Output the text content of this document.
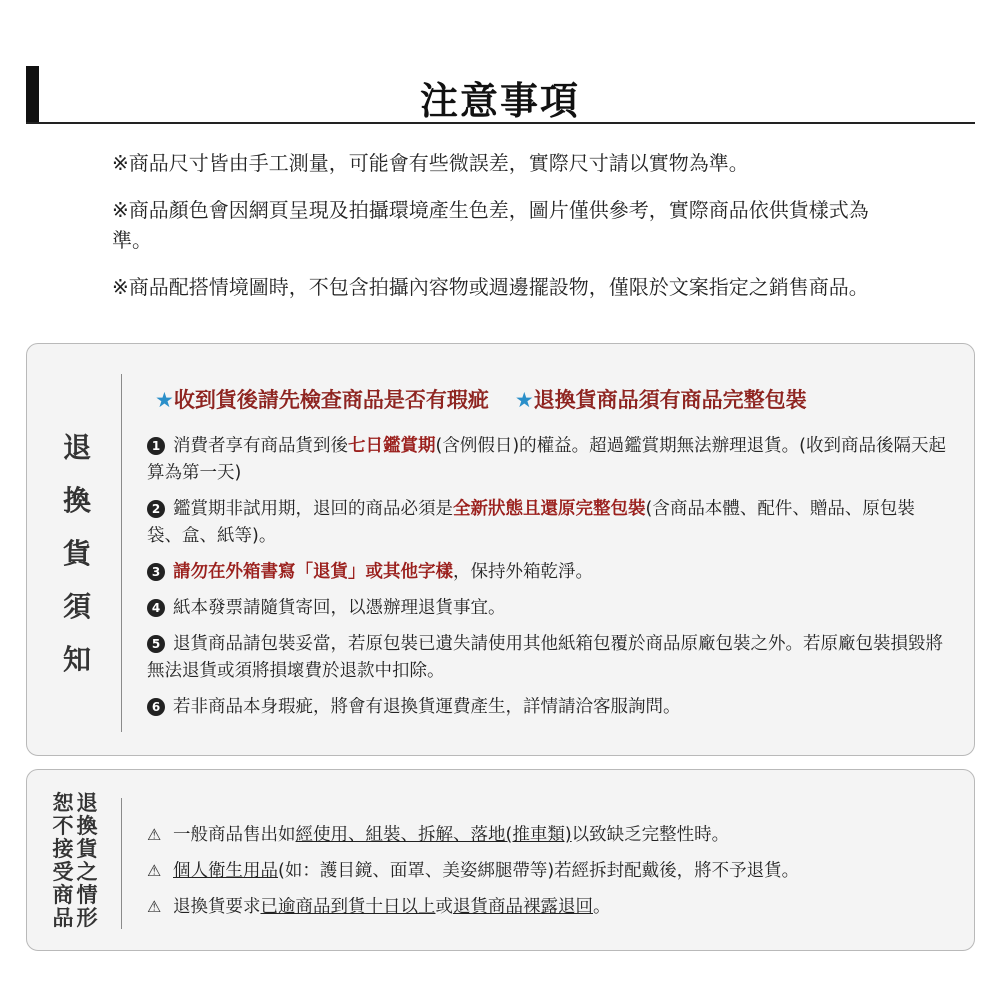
注意事項

※商品尺寸皆由手工測量，可能會有些微誤差，實際尺寸請以實物為準。

※商品顏色會因網頁呈現及拍攝環境產生色差，圖片僅供參考，實際商品依供貨樣式為準。

※商品配搭情境圖時，不包含拍攝內容物或週邊擺設物，僅限於文案指定之銷售商品。

退
換
貨
須
知
★收到貨後請先檢查商品是否有瑕疵 ★退換貨商品須有商品完整包裝

1 消費者享有商品貨到後七日鑑賞期(含例假日)的權益。超過鑑賞期無法辦理退貨。(收到商品後隔天起算為第一天)

2 鑑賞期非試用期，退回的商品必須是全新狀態且還原完整包裝(含商品本體、配件、贈品、原包裝袋、盒、紙等)。

3 請勿在外箱書寫「退貨」或其他字樣，保持外箱乾淨。

4 紙本發票請隨貨寄回，以憑辦理退貨事宜。

5 退貨商品請包裝妥當，若原包裝已遺失請使用其他紙箱包覆於商品原廠包裝之外。若原廠包裝損毀將無法退貨或須將損壞費於退款中扣除。

6 若非商品本身瑕疵，將會有退換貨運費產生，詳情請洽客服詢問。

退
換
貨
之
情
形
恕
不
接
受
商
品

⚠ 一般商品售出如經使用、組裝、拆解、落地(推車類)以致缺乏完整性時。

⚠ 個人衛生用品(如：護目鏡、面罩、美姿綁腿帶等)若經拆封配戴後，將不予退貨。

⚠ 退換貨要求已逾商品到貨十日以上或退貨商品裸露退回。
